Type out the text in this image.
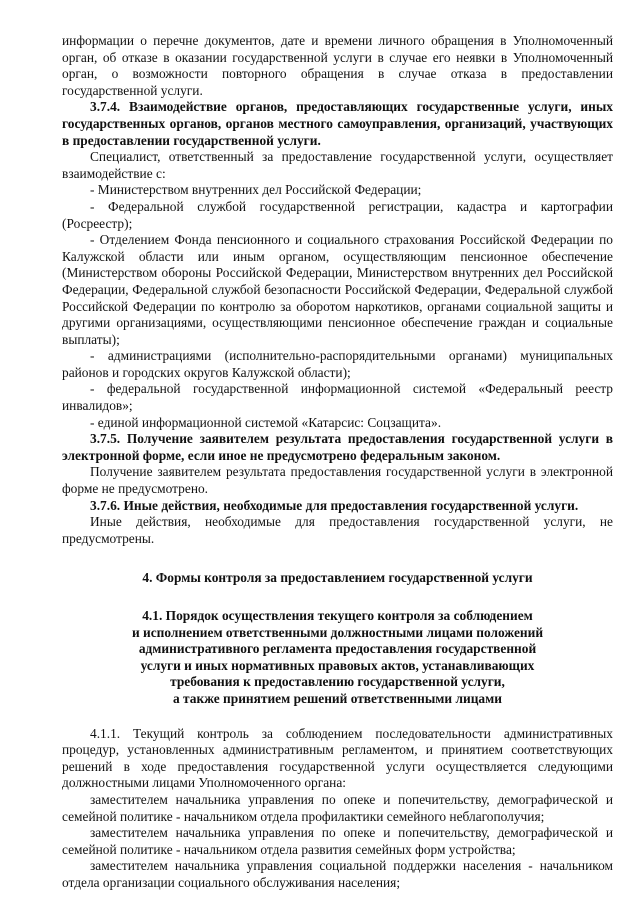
информации о перечне документов, дате и времени личного обращения в Уполномоченный орган, об отказе в оказании государственной услуги в случае его неявки в Уполномоченный орган, о возможности повторного обращения в случае отказа в предоставлении государственной услуги.

3.7.4. Взаимодействие органов, предоставляющих государственные услуги, иных государственных органов, органов местного самоуправления, организаций, участвующих в предоставлении государственной услуги.

Специалист, ответственный за предоставление государственной услуги, осуществляет взаимодействие с:

- Министерством внутренних дел Российской Федерации;

- Федеральной службой государственной регистрации, кадастра и картографии (Росреестр);

- Отделением Фонда пенсионного и социального страхования Российской Федерации по Калужской области или иным органом, осуществляющим пенсионное обеспечение (Министерством обороны Российской Федерации, Министерством внутренних дел Российской Федерации, Федеральной службой безопасности Российской Федерации, Федеральной службой Российской Федерации по контролю за оборотом наркотиков, органами социальной защиты и другими организациями, осуществляющими пенсионное обеспечение граждан и социальные выплаты);

- администрациями (исполнительно-распорядительными органами) муниципальных районов и городских округов Калужской области);

- федеральной государственной информационной системой «Федеральный реестр инвалидов»;

- единой информационной системой «Катарсис: Соцзащита».

3.7.5. Получение заявителем результата предоставления государственной услуги в электронной форме, если иное не предусмотрено федеральным законом.

Получение заявителем результата предоставления государственной услуги в электронной форме не предусмотрено.

3.7.6. Иные действия, необходимые для предоставления государственной услуги.

Иные действия, необходимые для предоставления государственной услуги, не предусмотрены.

4. Формы контроля за предоставлением государственной услуги

4.1. Порядок осуществления текущего контроля за соблюдением
и исполнением ответственными должностными лицами положений
административного регламента предоставления государственной
услуги и иных нормативных правовых актов, устанавливающих
требования к предоставлению государственной услуги,
а также принятием решений ответственными лицами

4.1.1. Текущий контроль за соблюдением последовательности административных процедур, установленных административным регламентом, и принятием соответствующих решений в ходе предоставления государственной услуги осуществляется следующими должностными лицами Уполномоченного органа:

заместителем начальника управления по опеке и попечительству, демографической и семейной политике - начальником отдела профилактики семейного неблагополучия;

заместителем начальника управления по опеке и попечительству, демографической и семейной политике - начальником отдела развития семейных форм устройства;

заместителем начальника управления социальной поддержки населения - начальником отдела организации социального обслуживания населения;
